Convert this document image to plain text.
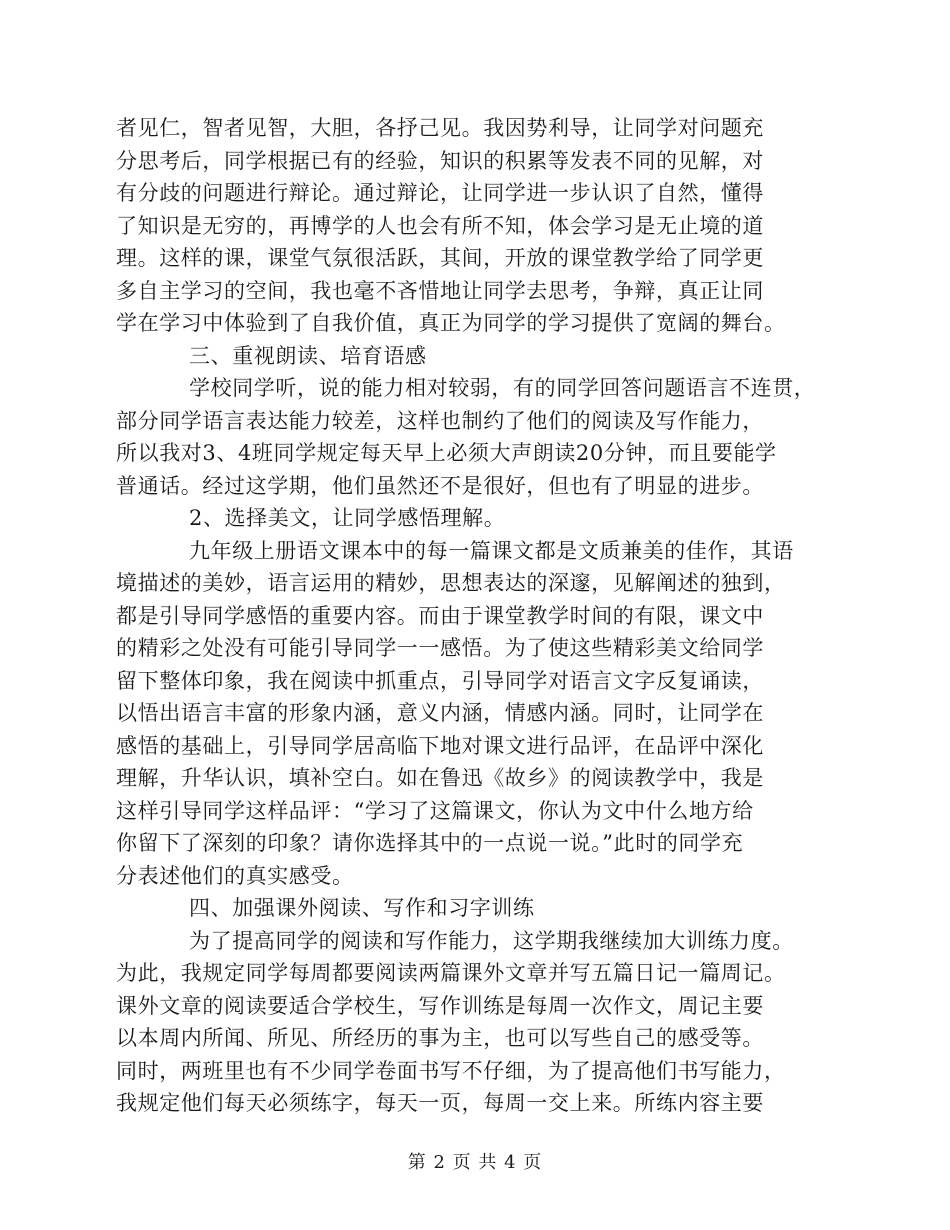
者见仁，智者见智，大胆，各抒己见。我因势利导，让同学对问题充
分思考后，同学根据已有的经验，知识的积累等发表不同的见解，对
有分歧的问题进行辩论。通过辩论，让同学进一步认识了自然，懂得
了知识是无穷的，再博学的人也会有所不知，体会学习是无止境的道
理。这样的课，课堂气氛很活跃，其间，开放的课堂教学给了同学更
多自主学习的空间，我也毫不吝惜地让同学去思考，争辩，真正让同
学在学习中体验到了自我价值，真正为同学的学习提供了宽阔的舞台。
三、重视朗读、培育语感
学校同学听，说的能力相对较弱，有的同学回答问题语言不连贯，
部分同学语言表达能力较差，这样也制约了他们的阅读及写作能力，
所以我对3、4班同学规定每天早上必须大声朗读20分钟，而且要能学
普通话。经过这学期，他们虽然还不是很好，但也有了明显的进步。
2、选择美文，让同学感悟理解。
九年级上册语文课本中的每一篇课文都是文质兼美的佳作，其语
境描述的美妙，语言运用的精妙，思想表达的深邃，见解阐述的独到，
都是引导同学感悟的重要内容。而由于课堂教学时间的有限，课文中
的精彩之处没有可能引导同学一一感悟。为了使这些精彩美文给同学
留下整体印象，我在阅读中抓重点，引导同学对语言文字反复诵读，
以悟出语言丰富的形象内涵，意义内涵，情感内涵。同时，让同学在
感悟的基础上，引导同学居高临下地对课文进行品评，在品评中深化
理解，升华认识，填补空白。如在鲁迅《故乡》的阅读教学中，我是
这样引导同学这样品评：“学习了这篇课文，你认为文中什么地方给
你留下了深刻的印象？请你选择其中的一点说一说。”此时的同学充
分表述他们的真实感受。
四、加强课外阅读、写作和习字训练
为了提高同学的阅读和写作能力，这学期我继续加大训练力度。
为此，我规定同学每周都要阅读两篇课外文章并写五篇日记一篇周记。
课外文章的阅读要适合学校生，写作训练是每周一次作文，周记主要
以本周内所闻、所见、所经历的事为主，也可以写些自己的感受等。
同时，两班里也有不少同学卷面书写不仔细，为了提高他们书写能力，
我规定他们每天必须练字，每天一页，每周一交上来。所练内容主要
第 2 页 共 4 页
